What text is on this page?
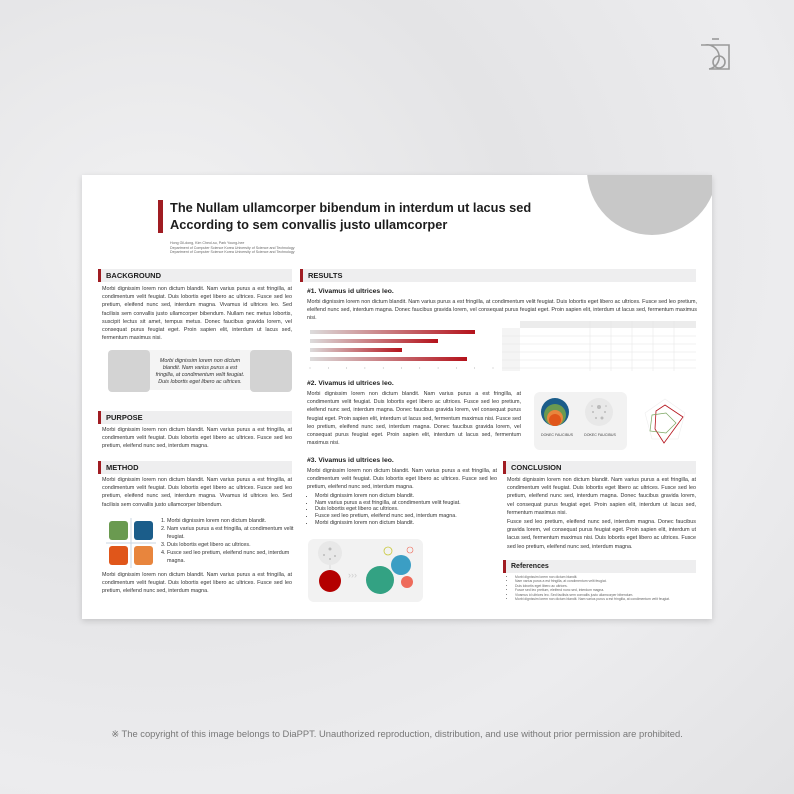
The Nullam ullamcorper bibendum in interdum ut lacus sed
According to sem convallis justo ullamcorper
Hong Gil-dong, Kim Cheol-su, Park Young-hee
Department of Computer Science Korea University of Science and Technology
Department of Computer Science Korea University of Science and Technology
BACKGROUND
Morbi dignissim lorem non dictum blandit. Nam varius purus a est fringilla, at condimentum velit feugiat. Duis lobortis eget libero ac ultrices. Fusce sed leo pretium, eleifend nunc sed, interdum magna. Vivamus id ultrices leo. Sed facilisis sem convallis justo ullamcorper bibendum. Nullam nec metus lobortis, suscipit lectus sit amet, tempus metus. Donec faucibus gravida lorem, vel consequat purus feugiat eget. Proin sapien elit, interdum ut lacus sed, fermentum maximus nisi.
Morbi dignissim lorem non dictum blandit. Nam varius purus a est fringilla, at condimentum velit feugiat. Duis lobortis eget libero ac ultrices.
PURPOSE
Morbi dignissim lorem non dictum blandit. Nam varius purus a est fringilla, at condimentum velit feugiat. Duis lobortis eget libero ac ultrices. Fusce sed leo pretium, eleifend nunc sed, interdum magna.
METHOD
Morbi dignissim lorem non dictum blandit. Nam varius purus a est fringilla, at condimentum velit feugiat. Duis lobortis eget libero ac ultrices. Fusce sed leo pretium, eleifend nunc sed, interdum magna. Vivamus id ultrices leo. Sed facilisis sem convallis justo ullamcorper bibendum.
1. Morbi dignissim lorem non dictum blandit.
2. Nam varius purus a est fringilla, at condimentum velit feugiat.
3. Duis lobortis eget libero ac ultrices.
4. Fusce sed leo pretium, eleifend nunc sed, interdum magna.
Morbi dignissim lorem non dictum blandit. Nam varius purus a est fringilla, at condimentum velit feugiat. Duis lobortis eget libero ac ultrices. Fusce sed leo pretium, eleifend nunc sed, interdum magna.
RESULTS
#1. Vivamus id ultrices leo.
Morbi dignissim lorem non dictum blandit. Nam varius purus a est fringilla, at condimentum velit feugiat. Duis lobortis eget libero ac ultrices. Fusce sed leo pretium, eleifend nunc sed, interdum magna. Donec faucibus gravida lorem, vel consequat purus feugiat eget. Proin sapien elit, interdum ut lacus sed, fermentum maximus nisi.
#2. Vivamus id ultrices leo.
Morbi dignissim lorem non dictum blandit. Nam varius purus a est fringilla, at condimentum velit feugiat. Duis lobortis eget libero ac ultrices. Fusce sed leo pretium, eleifend nunc sed, interdum magna. Donec faucibus gravida lorem, vel consequat purus feugiat eget. Proin sapien elit, interdum ut lacus sed, fermentum maximus nisi. Fusce sed leo pretium, eleifend nunc sed, interdum magna. Donec faucibus gravida lorem, vel consequat purus feugiat eget. Proin sapien elit, interdum ut lacus sed, fermentum maximus nisi.
DONEC FAUCIBUS	DOKEC FAUCIBUS
#3. Vivamus id ultrices leo.
Morbi dignissim lorem non dictum blandit. Nam varius purus a est fringilla, at condimentum velit feugiat. Duis lobortis eget libero ac ultrices. Fusce sed leo pretium, eleifend nunc sed, interdum magna.
• Morbi dignissim lorem non dictum blandit.
• Nam varius purus a est fringilla, at condimentum velit feugiat.
• Duis lobortis eget libero ac ultrices.
• Fusce sed leo pretium, eleifend nunc sed, interdum magna.
• Morbi dignissim lorem non dictum blandit.
›››
CONCLUSION
Morbi dignissim lorem non dictum blandit. Nam varius purus a est fringilla, at condimentum velit feugiat. Duis lobortis eget libero ac ultrices. Fusce sed leo pretium, eleifend nunc sed, interdum magna. Donec faucibus gravida lorem, vel consequat purus feugiat eget. Proin sapien elit, interdum ut lacus sed, fermentum maximus nisi.
Fusce sed leo pretium, eleifend nunc sed, interdum magna. Donec faucibus gravida lorem, vel consequat purus feugiat eget. Proin sapien elit, interdum ut lacus sed, fermentum maximus nisi. Duis lobortis eget libero ac ultrices. Fusce sed leo pretium, eleifend nunc sed, interdum magna.
References
• Morbi dignissim lorem non dictum blandit.
• Nam varius purus a est fringilla, at condimentum velit feugiat.
• Duis lobortis eget libero ac ultrices.
• Fusce sed leo pretium, eleifend nunc sed, interdum magna.
• Vivamus id ultrices leo. Sed facilisis sem convallis justo ullamcorper bibendum.
• Morbi dignissim lorem non dictum blandit. Nam varius purus a est fringilla, at condimentum velit feugiat.
※ The copyright of this image belongs to DiaPPT. Unauthorized reproduction, distribution, and use without prior permission are prohibited.
